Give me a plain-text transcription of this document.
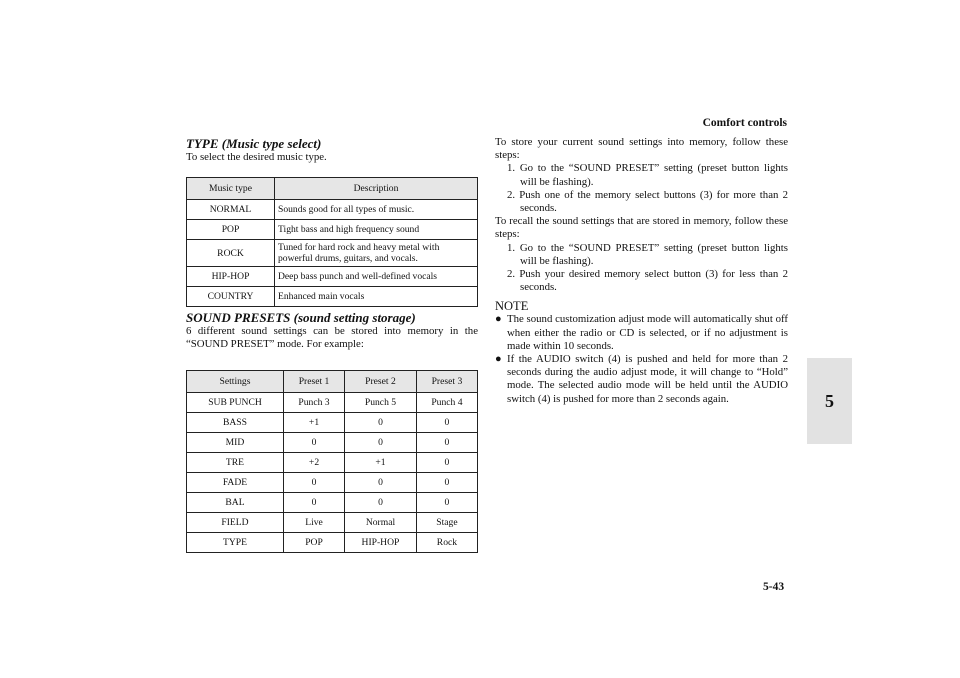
Comfort controls
TYPE (Music type select)

To select the desired music type.

Music type	Description
NORMAL	Sounds good for all types of music.
POP	Tight bass and high frequency sound
ROCK	Tuned for hard rock and heavy metal with powerful drums, guitars, and vocals.
HIP-HOP	Deep bass punch and well-defined vocals
COUNTRY	Enhanced main vocals
SOUND PRESETS (sound setting storage)

6 different sound settings can be stored into memory in the “SOUND PRESET” mode. For example:

Settings	Preset 1	Preset 2	Preset 3
SUB PUNCH	Punch 3	Punch 5	Punch 4
BASS	+1	0	0
MID	0	0	0
TRE	+2	+1	0
FADE	0	0	0
BAL	0	0	0
FIELD	Live	Normal	Stage
TYPE	POP	HIP-HOP	Rock

To store your current sound settings into memory, follow these steps:

1. Go to the “SOUND PRESET” setting (preset button lights will be flashing).
2. Push one of the memory select buttons (3) for more than 2 seconds.

To recall the sound settings that are stored in memory, follow these steps:

1. Go to the “SOUND PRESET” setting (preset button lights will be flashing).
2. Push your desired memory select button (3) for less than 2 seconds.
NOTE
● The sound customization adjust mode will automatically shut off when either the radio or CD is selected, or if no adjustment is made within 10 seconds.
● If the AUDIO switch (4) is pushed and held for more than 2 seconds during the audio adjust mode, it will change to “Hold” mode. The selected audio mode will be held until the AUDIO switch (4) is pushed for more than 2 seconds again.	5
5-43
